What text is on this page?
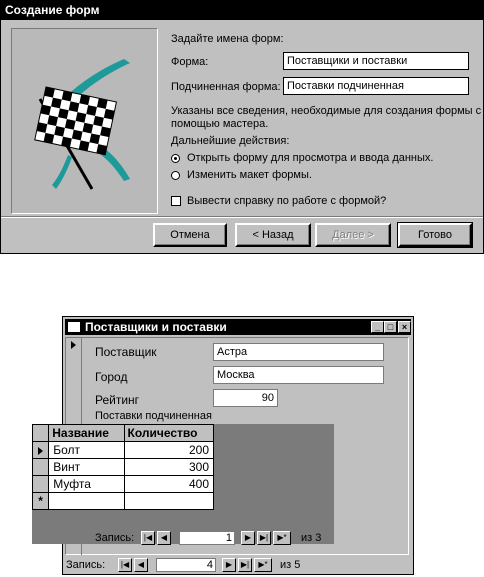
Создание форм
Задайте имена форм:
Форма:	Поставщики и поставки
Подчиненная форма: Поставки подчиненная
Указаны все сведения, необходимые для создания формы с
помощью мастера.
Дальнейшие действия:
Открыть форму для просмотра и ввода данных.
Изменить макет формы.
Вывести справку по работе с формой?
Отмена	< Назад	Далее >	Готово
Поставщики и поставки	_ □ ×
Поставщик	Астра
Город	Москва
Рейтинг	90
Поставки подчиненная
	Название	Количество
	Болт	200
	Винт	300
	Муфта	400
*		
Запись:	|◀	◀	1	▶	▶|	▶*	из 3
Запись:	|◀	◀	4	▶	▶|	▶*	из 5
